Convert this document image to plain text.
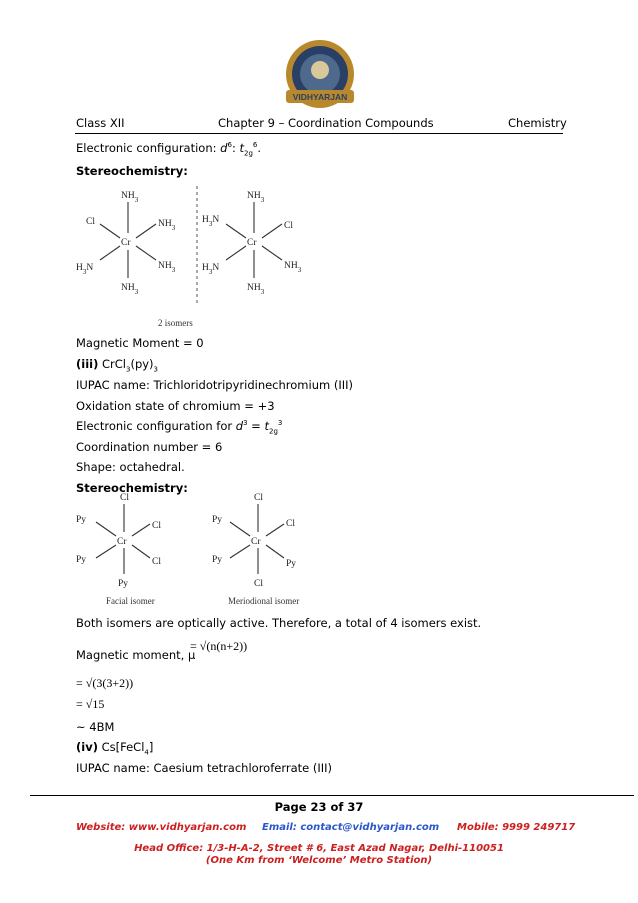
VIDHYARJAN
Class XII	Chapter 9 – Coordination Compounds	Chemistry
Electronic configuration: $d^6$: $t_{2g}^6$.
Stereochemistry:
Cr
$NH_3$
Cl	$NH_3$
$H_3N$	$NH_3$
$NH_3$
Cr
$NH_3$
$H_3N$
Cl
$H_3N$	$NH_3$
$NH_3$
2 isomers
Magnetic Moment = 0
(iii) $CrCl_3(py)_3$
IUPAC name: Trichloridotripyridinechromium (III)
Oxidation state of chromium = +3
Electronic configuration for $d^3 = t_{2g}^3$
Coordination number = 6
Shape: octahedral.
Stereochemistry:
Cr
Cl
Py
Cl
Py	Cl
Py
Cr
Cl
Py	Cl
Py	Py
Cl
Facial isomer	Meriodional isomer
Both isomers are optically active. Therefore, a total of 4 isomers exist.
Magnetic moment, μ
= √(n(n+2))
= √(3(3+2))
= √15
~ 4BM
(iv) Cs[FeCl$_4$]
IUPAC name: Caesium tetrachloroferrate (III)
Page 23 of 37
Website: www.vidhyarjan.com Email: contact@vidhyarjan.com Mobile: 9999 249717
Head Office: 1/3-H-A-2, Street # 6, East Azad Nagar, Delhi-110051
(One Km from ‘Welcome’ Metro Station)
